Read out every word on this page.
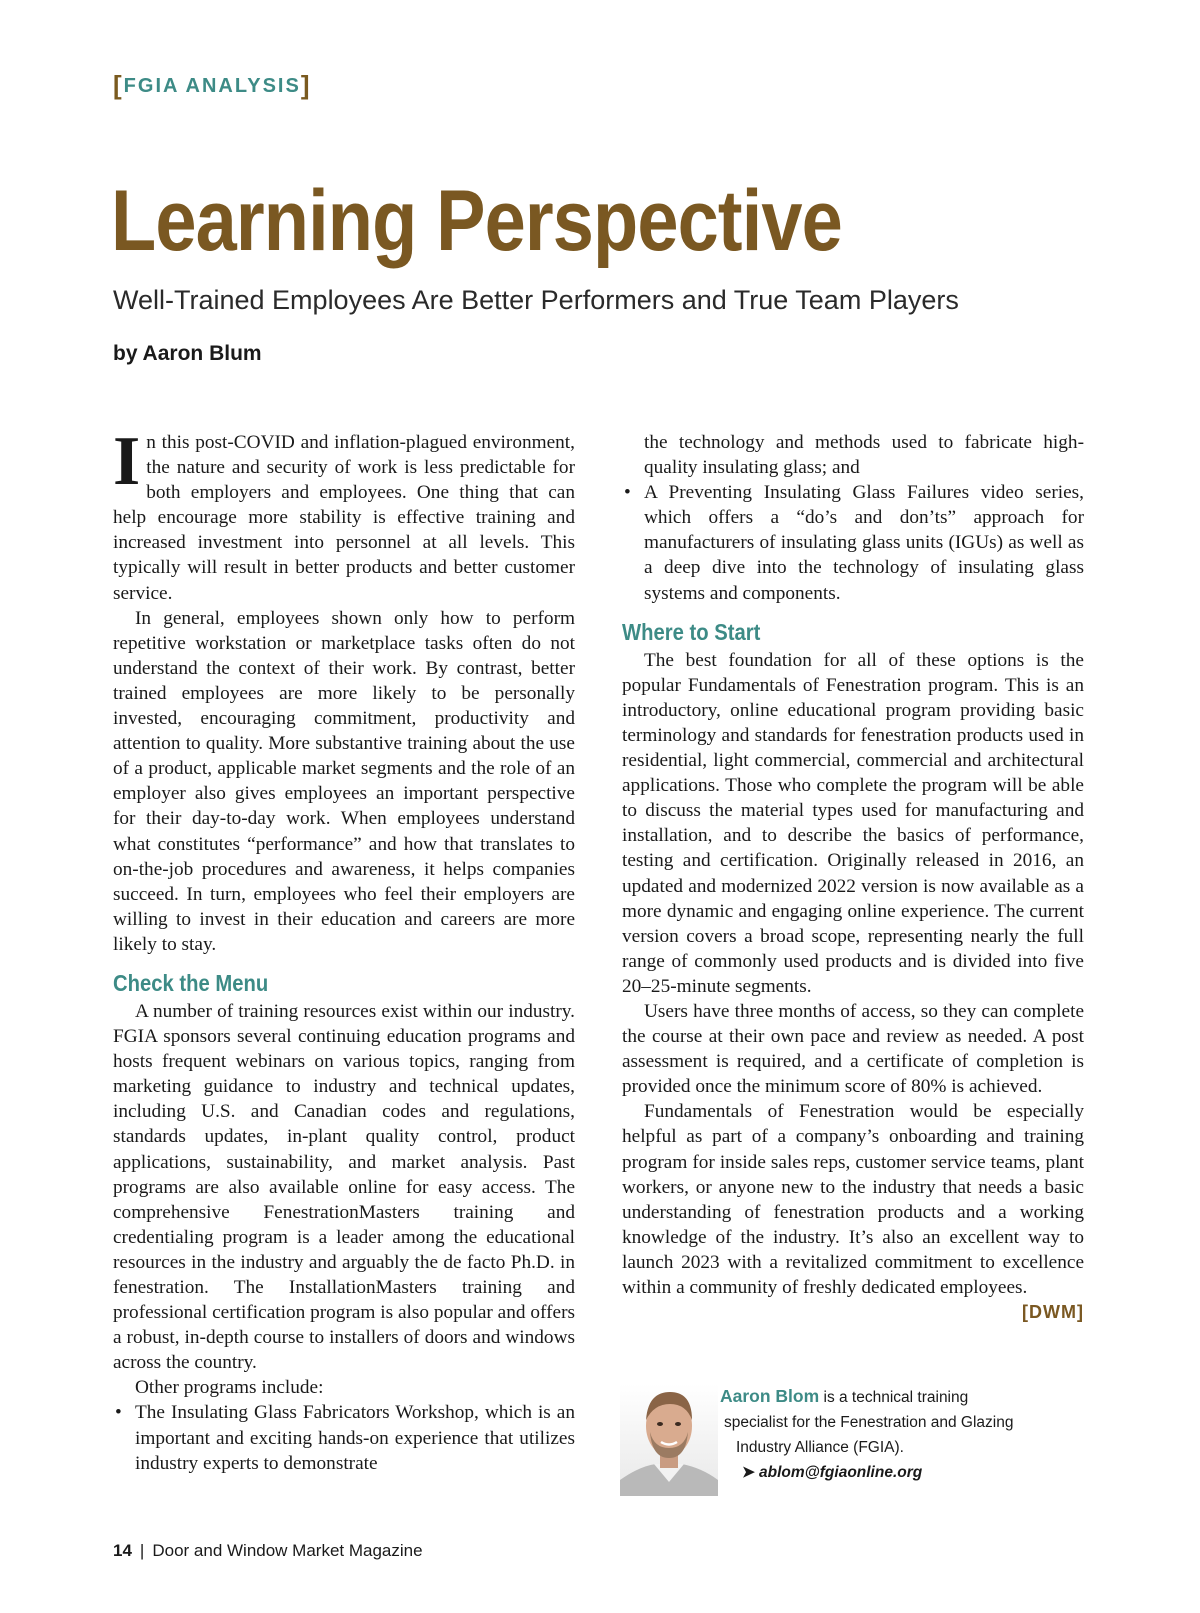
[FGIA ANALYSIS]
Learning Perspective
Well-Trained Employees Are Better Performers and True Team Players
by Aaron Blum

In this post-COVID and inflation-plagued environment, the nature and security of work is less predictable for both employers and employees. One thing that can help encourage more stability is effective training and increased investment into personnel at all levels. This typically will result in better products and better customer service.

In general, employees shown only how to perform repetitive workstation or marketplace tasks often do not understand the context of their work. By contrast, better trained employees are more likely to be personally invested, encouraging commitment, productivity and attention to quality. More substantive training about the use of a product, applicable market segments and the role of an employer also gives employees an important perspective for their day-to-day work. When employees understand what constitutes “performance” and how that translates to on-the-job procedures and awareness, it helps companies succeed. In turn, employees who feel their employers are willing to invest in their education and careers are more likely to stay.

Check the Menu

A number of training resources exist within our industry. FGIA sponsors several continuing education programs and hosts frequent webinars on various topics, ranging from marketing guidance to industry and technical updates, including U.S. and Canadian codes and regulations, standards updates, in-plant quality control, product applications, sustainability, and market analysis. Past programs are also available online for easy access. The comprehensive FenestrationMasters training and credentialing program is a leader among the educational resources in the industry and arguably the de facto Ph.D. in fenestration. The InstallationMasters training and professional certification program is also popular and offers a robust, in-depth course to installers of doors and windows across the country.

Other programs include:

• The Insulating Glass Fabricators Workshop, which is an important and exciting hands-on experience that utilizes industry experts to demonstrate
the technology and methods used to fabricate high-quality insulating glass; and
• A Preventing Insulating Glass Failures video series, which offers a “do’s and don’ts” approach for manufacturers of insulating glass units (IGUs) as well as a deep dive into the technology of insulating glass systems and components.
Where to Start

The best foundation for all of these options is the popular Fundamentals of Fenestration program. This is an introductory, online educational program providing basic terminology and standards for fenestration products used in residential, light commercial, commercial and architectural applications. Those who complete the program will be able to discuss the material types used for manufacturing and installation, and to describe the basics of performance, testing and certification. Originally released in 2016, an updated and modernized 2022 version is now available as a more dynamic and engaging online experience. The current version covers a broad scope, representing nearly the full range of commonly used products and is divided into five 20–25-minute segments.

Users have three months of access, so they can complete the course at their own pace and review as needed. A post assessment is required, and a certificate of completion is provided once the minimum score of 80% is achieved.

Fundamentals of Fenestration would be especially helpful as part of a company’s onboarding and training program for inside sales reps, customer service teams, plant workers, or anyone new to the industry that needs a basic understanding of fenestration products and a working knowledge of the industry. It’s also an excellent way to launch 2023 with a revitalized commitment to excellence within a community of freshly dedicated employees.
[DWM]

Aaron Blom is a technical training
specialist for the Fenestration and Glazing
Industry Alliance (FGIA).
➤ ablom@fgiaonline.org
14 | Door and Window Market Magazine
